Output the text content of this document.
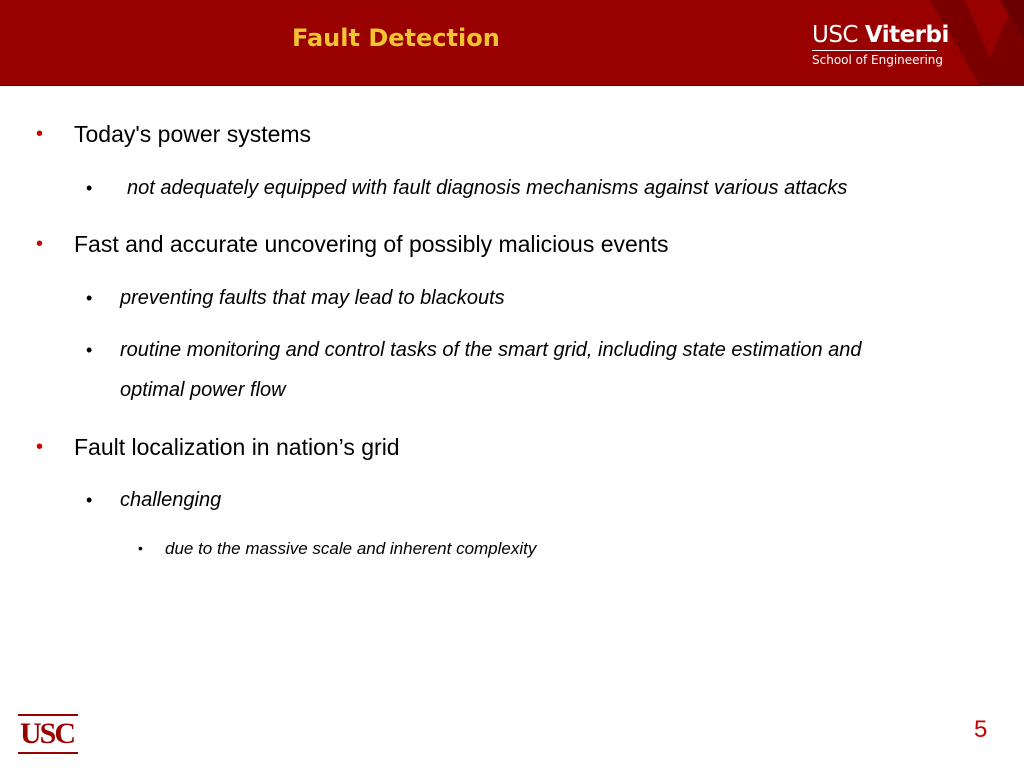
Fault Detection	USC Viterbi
School of Engineering
• Today's power systems
• not adequately equipped with fault diagnosis mechanisms against various attacks
• Fast and accurate uncovering of possibly malicious events
• preventing faults that may lead to blackouts
• routine monitoring and control tasks of the smart grid, including state estimation and
optimal power flow
• Fault localization in nation’s grid
• challenging
• due to the massive scale and inherent complexity
USC	5
